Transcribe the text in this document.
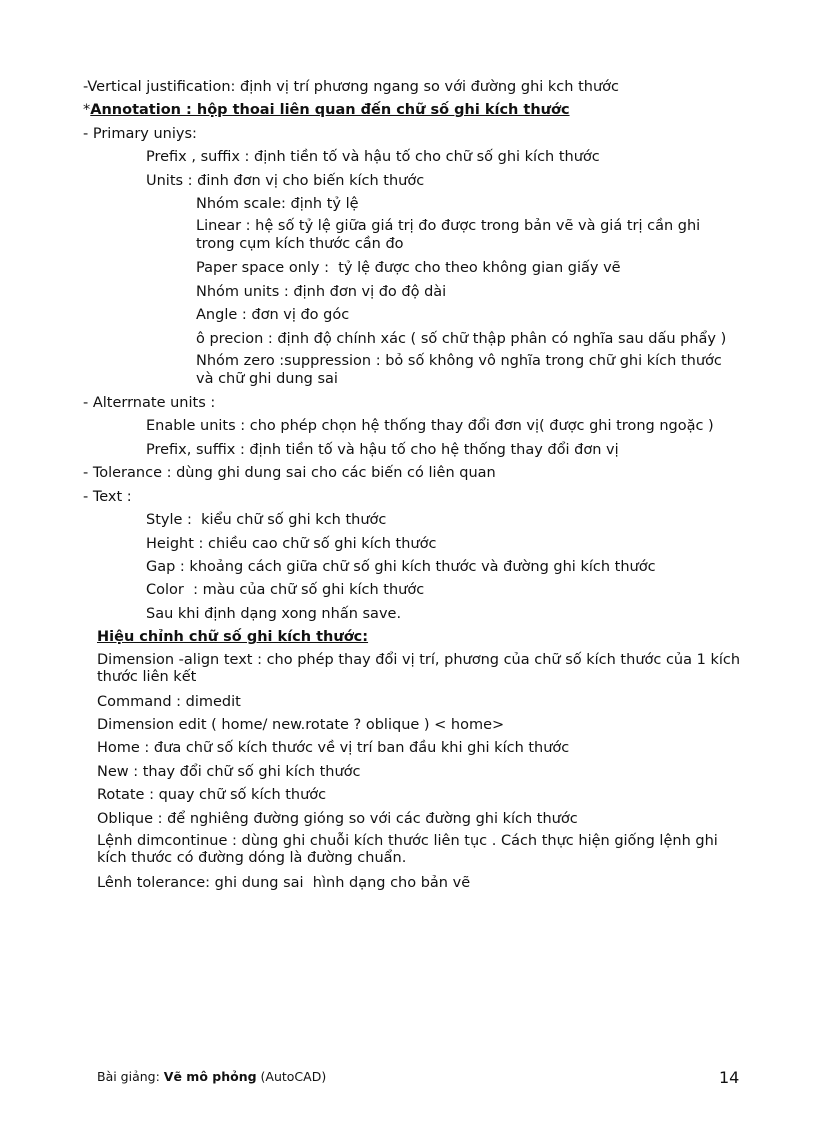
-Vertical justification: định vị trí phương ngang so với đường ghi kch thước
*Annotation : hộp thoai liên quan đến chữ số ghi kích thước
- Primary uniys:
Prefix , suffix : định tiền tố và hậu tố cho chữ số ghi kích thước
Units : đinh đơn vị cho biến kích thước
Nhóm scale: định tỷ lệ
Linear : hệ số tỷ lệ giữa giá trị đo được trong bản vẽ và giá trị cần ghi trong cụm kích thước cần đo
Paper space only :  tỷ lệ được cho theo không gian giấy vẽ
Nhóm units : định đơn vị đo độ dài
Angle : đơn vị đo góc
ô precion : định độ chính xác ( số chữ thập phân có nghĩa sau dấu phẩy )
Nhóm zero :suppression : bỏ số không vô nghĩa trong chữ ghi kích thước và chữ ghi dung sai
- Alterrnate units :
Enable units : cho phép chọn hệ thống thay đổi đơn vị( được ghi trong ngoặc )
Prefix, suffix : định tiền tố và hậu tố cho hệ thống thay đổi đơn vị
- Tolerance : dùng ghi dung sai cho các biến có liên quan
- Text :
Style :  kiểu chữ số ghi kch thước
Height : chiều cao chữ số ghi kích thước
Gap : khoảng cách giữa chữ số ghi kích thước và đường ghi kích thước
Color  : màu của chữ số ghi kích thước
Sau khi định dạng xong nhấn save.
Hiệu chỉnh chữ số ghi kích thước:
Dimension -align text : cho phép thay đổi vị trí, phương của chữ số kích thước của 1 kích thước liên kết
Command : dimedit
Dimension edit ( home/ new.rotate ? oblique ) < home>
Home : đưa chữ số kích thước về vị trí ban đầu khi ghi kích thước
New : thay đổi chữ số ghi kích thước
Rotate : quay chữ số kích thước
Oblique : để nghiêng đường gióng so với các đường ghi kích thước
Lệnh dimcontinue : dùng ghi chuỗi kích thước liên tục . Cách thực hiện giống lệnh ghi kích thước có đường dóng là đường chuẩn.
Lênh tolerance: ghi dung sai  hình dạng cho bản vẽ
Bài giảng: Vẽ mô phỏng (AutoCAD)	14
